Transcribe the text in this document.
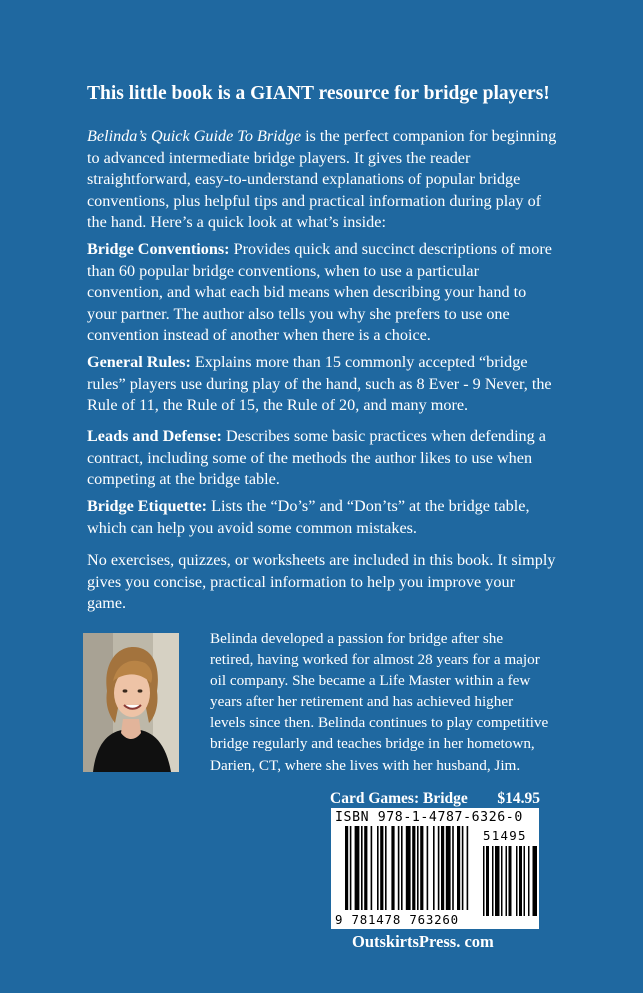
This little book is a GIANT resource for bridge players!
Belinda’s Quick Guide To Bridge is the perfect companion for beginning to advanced intermediate bridge players. It gives the reader straightforward, easy-to-understand explanations of popular bridge conventions, plus helpful tips and practical information during play of the hand. Here’s a quick look at what’s inside:
Bridge Conventions: Provides quick and succinct descriptions of more than 60 popular bridge conventions, when to use a particular convention, and what each bid means when describing your hand to your partner. The author also tells you why she prefers to use one convention instead of another when there is a choice.
General Rules: Explains more than 15 commonly accepted “bridge rules” players use during play of the hand, such as 8 Ever - 9 Never, the Rule of 11, the Rule of 15, the Rule of 20, and many more.
Leads and Defense: Describes some basic practices when defending a contract, including some of the methods the author likes to use when competing at the bridge table.
Bridge Etiquette: Lists the “Do’s” and “Don’ts” at the bridge table, which can help you avoid some common mistakes.
No exercises, quizzes, or worksheets are included in this book. It simply gives you concise, practical information to help you improve your game.
Belinda developed a passion for bridge after she retired, having worked for almost 28 years for a major oil company. She became a Life Master within a few years after her retirement and has achieved higher levels since then. Belinda continues to play competitive bridge regularly and teaches bridge in her hometown, Darien, CT, where she lives with her husband, Jim.
Card Games: Bridge $14.95
ISBN 978-1-4787-6326-0
51495
9 781478 763260
OutskirtsPress. com
